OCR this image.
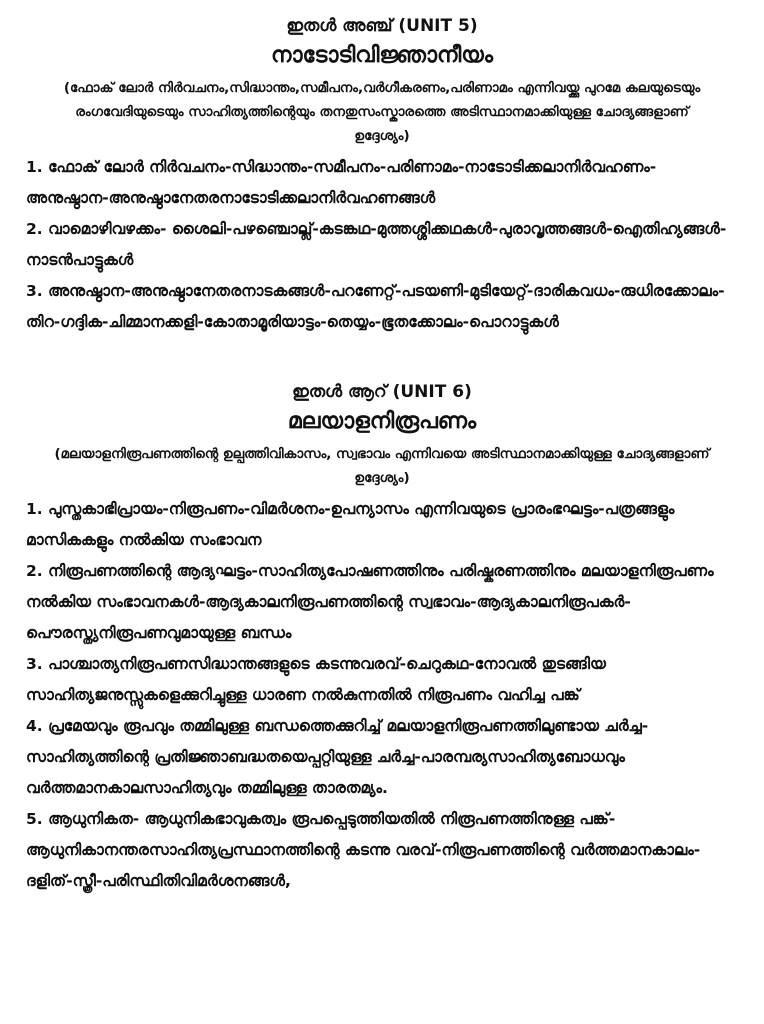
ഇതൾ അഞ്ച് (UNIT 5)

നാടോടിവിജ്ഞാനീയം

(ഫോക് ലോർ നിർവചനം,സിദ്ധാന്തം,സമീപനം,വർഗീകരണം,പരിണാമം എന്നിവയ്ക്കു പുറമേ കലയുടെയും രംഗവേദിയുടെയും സാഹിത്യത്തിന്റെയും തനതുസംസ്കാരത്തെ അടിസ്ഥാനമാക്കിയുള്ള ചോദ്യങ്ങളാണ് ഉദ്ദേശ്യം)

1. ഫോക് ലോർ നിർവചനം-സിദ്ധാന്തം-സമീപനം-പരിണാമം-നാടോടിക്കലാനിർവഹണം-അനുഷ്ഠാന-അനുഷ്ഠാനേതരനാടോടിക്കലാനിർവഹണങ്ങൾ

2. വാമൊഴിവഴക്കം- ശൈലി-പഴഞ്ചൊല്ല്-കടങ്കഥ-മുത്തശ്ശിക്കഥകൾ-പുരാവൃത്തങ്ങൾ-ഐതിഹ്യങ്ങൾ-നാടൻപാട്ടുകൾ

3. അനുഷ്ഠാന-അനുഷ്ഠാനേതരനാടകങ്ങൾ-പറണേറ്റ്-പടയണി-മുടിയേറ്റ്-ദാരികവധം-രുധിരക്കോലം-തിറ-ഗദ്ദിക-ചിമ്മാനക്കളി-കോതാമൂരിയാട്ടം-തെയ്യം-ഭൂതക്കോലം-പൊറാട്ടുകൾ

ഇതൾ ആറ് (UNIT 6)

മലയാളനിരൂപണം

(മലയാളനിരൂപണത്തിന്റെ ഉല്പത്തിവികാസം, സ്വഭാവം എന്നിവയെ അടിസ്ഥാനമാക്കിയുള്ള ചോദ്യങ്ങളാണ് ഉദ്ദേശ്യം)

1. പുസ്തകാഭിപ്രായം-നിരൂപണം-വിമർശനം-ഉപന്യാസം എന്നിവയുടെ പ്രാരംഭഘട്ടം-പത്രങ്ങളും മാസികകളും നൽകിയ സംഭാവന

2. നിരൂപണത്തിന്റെ ആദ്യഘട്ടം-സാഹിത്യപോഷണത്തിനും പരിഷ്കരണത്തിനും മലയാളനിരൂപണം നൽകിയ സംഭാവനകൾ-ആദ്യകാലനിരൂപണത്തിന്റെ സ്വഭാവം-ആദ്യകാലനിരൂപകർ-പൌരസ്ത്യനിരൂപണവുമായുള്ള ബന്ധം

3. പാശ്ചാത്യനിരൂപണസിദ്ധാന്തങ്ങളുടെ കടന്നുവരവ്-ചെറുകഥ-നോവൽ തുടങ്ങിയ സാഹിത്യജനുസ്സുകളെക്കുറിച്ചുള്ള ധാരണ നൽകുന്നതിൽ നിരൂപണം വഹിച്ച പങ്ക്

4. പ്രമേയവും രൂപവും തമ്മിലുള്ള ബന്ധത്തെക്കുറിച്ച് മലയാളനിരൂപണത്തിലുണ്ടായ ചർച്ച- സാഹിത്യത്തിന്റെ പ്രതിജ്ഞാബദ്ധതയെപ്പറ്റിയുള്ള ചർച്ച-പാരമ്പര്യസാഹിത്യബോധവും വർത്തമാനകാലസാഹിത്യവും തമ്മിലുള്ള താരതമ്യം.

5. ആധുനികത- ആധുനികഭാവുകത്വം രൂപപ്പെടുത്തിയതിൽ നിരൂപണത്തിനുള്ള പങ്ക്- ആധുനികാനന്തരസാഹിത്യപ്രസ്ഥാനത്തിന്റെ കടന്നു വരവ്-നിരൂപണത്തിന്റെ വർത്തമാനകാലം- ദളിത്-സ്ത്രീ-പരിസ്ഥിതിവിമർശനങ്ങൾ,
